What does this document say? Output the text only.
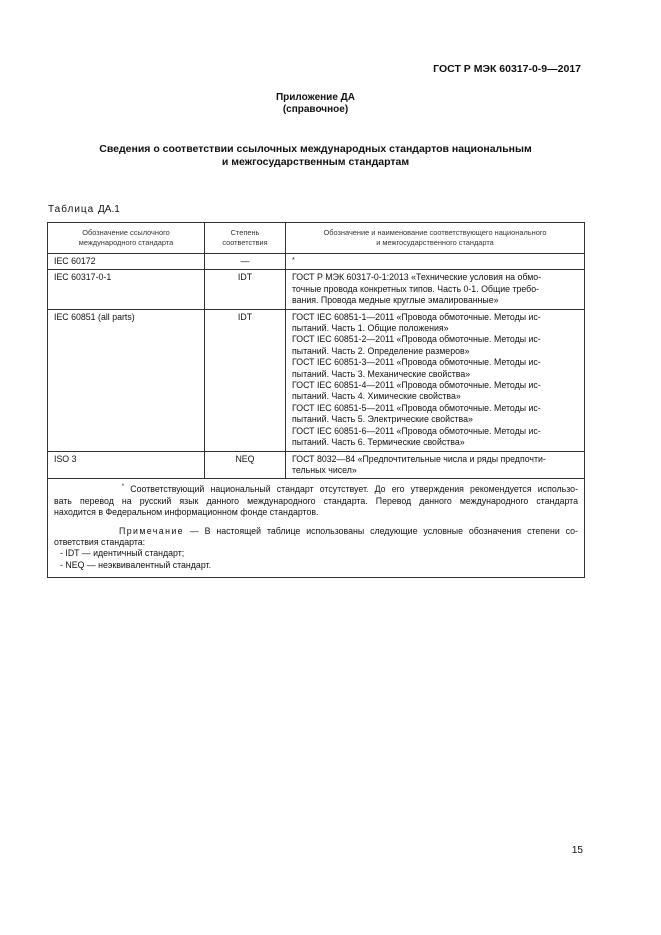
ГОСТ Р МЭК 60317-0-9—2017
Приложение ДА
(справочное)
Сведения о соответствии ссылочных международных стандартов национальным
и межгосударственным стандартам
Таблица ДА.1
Обозначение ссылочного
международного стандарта

Степень
соответствия

Обозначение и наименование соответствующего национального
и межгосударственного стандарта

IEC 60172	—	*
IEC 60317-0-1	IDT	ГОСТ Р МЭК 60317-0-1:2013 «Технические условия на обмо-
точные провода конкретных типов. Часть 0-1. Общие требо-
вания. Провода медные круглые эмалированные»

IEC 60851 (all parts)	IDT	ГОСТ IEC 60851-1—2011 «Провода обмоточные. Методы ис-
пытаний. Часть 1. Общие положения»
ГОСТ IEC 60851-2—2011 «Провода обмоточные. Методы ис-
пытаний. Часть 2. Определение размеров»
ГОСТ IEC 60851-3—2011 «Провода обмоточные. Методы ис-
пытаний. Часть 3. Механические свойства»
ГОСТ IEC 60851-4—2011 «Провода обмоточные. Методы ис-
пытаний. Часть 4. Химические свойства»
ГОСТ IEC 60851-5—2011 «Провода обмоточные. Методы ис-
пытаний. Часть 5. Электрические свойства»
ГОСТ IEC 60851-6—2011 «Провода обмоточные. Методы ис-
пытаний. Часть 6. Термические свойства»

ISO 3	NEQ	ГОСТ 8032—84 «Предпочтительные числа и ряды предпочти-
тельных чисел»

* Соответствующий национальный стандарт отсутствует. До его утверждения рекомендуется использо-
вать перевод на русский язык данного международного стандарта. Перевод данного международного стандарта
находится в Федеральном информационном фонде стандартов.
Примечание — В настоящей таблице использованы следующие условные обозначения степени со-
ответствия стандарта:
- IDT — идентичный стандарт;
- NEQ — неэквивалентный стандарт.
15
